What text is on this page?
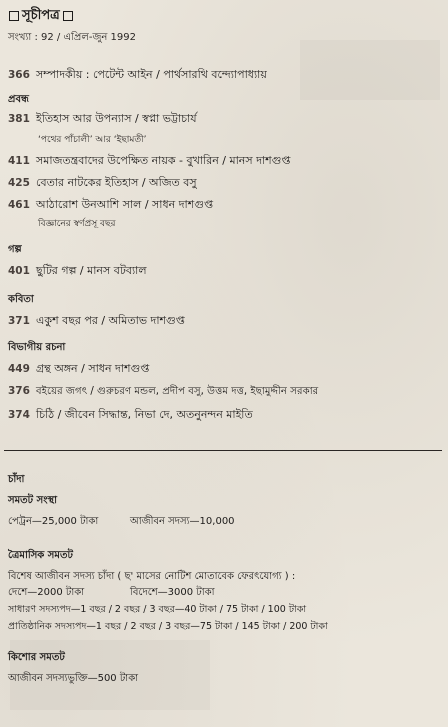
সূচীপত্র
সংখ্যা : 92 / এপ্রিল-জুন 1992
366 সম্পাদকীয় : পেটেন্ট আইন / পার্থসারথি বন্দ্যোপাধ্যায়
প্রবন্ধ
381 ইতিহাস আর উপন্যাস / স্বপ্না ভট্টাচার্য
‘পথের পাঁচালী’ আর ‘ইছামতী’
411 সমাজতন্ত্রবাদের উপেক্ষিত নায়ক - বুখারিন / মানস দাশগুপ্ত
425 বেতার নাটকের ইতিহাস / অজিত বসু
461 আঠারোশ উনআশি সাল / সাধন দাশগুপ্ত
বিজ্ঞানের স্বর্ণপ্রসূ বছর
গল্প
401 ছুটির গল্প / মানস বটব্যাল
কবিতা
371 একুশ বছর পর / অমিতাভ দাশগুপ্ত
বিভাগীয় রচনা
449 গ্রন্থ অঙ্গন / সাধন দাশগুপ্ত
376 বইয়ের জগৎ / গুরুচরণ মন্ডল, প্রদীপ বসু, উত্তম দত্ত, ইছামুদ্দীন সরকার
374 চিঠি / জীবেন সিদ্ধান্ত, নিভা দে, অতনুনন্দন মাইতি
চাঁদা
সমতট সংস্থা
পেট্রন—25,000 টাকা	আজীবন সদস্য—10,000
ত্রৈমাসিক সমতট
বিশেষ আজীবন সদস্য চাঁদা ( ছ' মাসের নোটিশ মোতাবেক ফেরৎযোগ্য ) :
দেশে—2000 টাকা	বিদেশে—3000 টাকা
সাধারণ সদস্যপদ—1 বছর / 2 বছর / 3 বছর—40 টাকা / 75 টাকা / 100 টাকা
প্রাতিষ্ঠানিক সদস্যপদ—1 বছর / 2 বছর / 3 বছর—75 টাকা / 145 টাকা / 200 টাকা
কিশোর সমতট
আজীবন সদস্যভুক্তি—500 টাকা
